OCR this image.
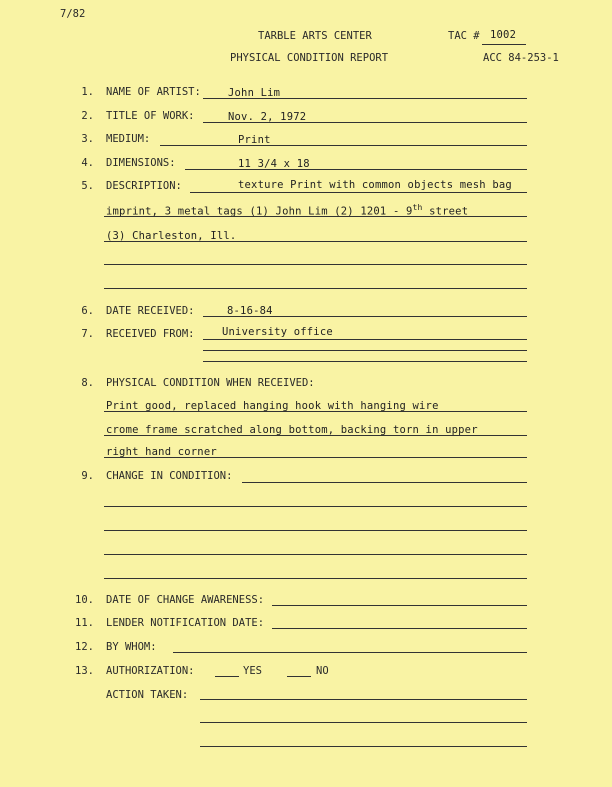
7/82
TARBLE ARTS CENTER	TAC # 1002
PHYSICAL CONDITION REPORT	ACC 84-253-1
1. NAME OF ARTIST:	John Lim
2. TITLE OF WORK:	Nov. 2, 1972
3. MEDIUM:	Print
4. DIMENSIONS:	11 3/4 x 18
5. DESCRIPTION:	texture Print with common objects mesh bag
imprint, 3 metal tags (1) John Lim (2) 1201 - 9th street
(3) Charleston, Ill.
6. DATE RECEIVED:	8-16-84
7. RECEIVED FROM:	University office
8. PHYSICAL CONDITION WHEN RECEIVED:
Print good, replaced hanging hook with hanging wire
crome frame scratched along bottom, backing torn in upper
right hand corner
9. CHANGE IN CONDITION:
10. DATE OF CHANGE AWARENESS:
11. LENDER NOTIFICATION DATE:
12. BY WHOM:
13. AUTHORIZATION:	YES	NO
ACTION TAKEN:
